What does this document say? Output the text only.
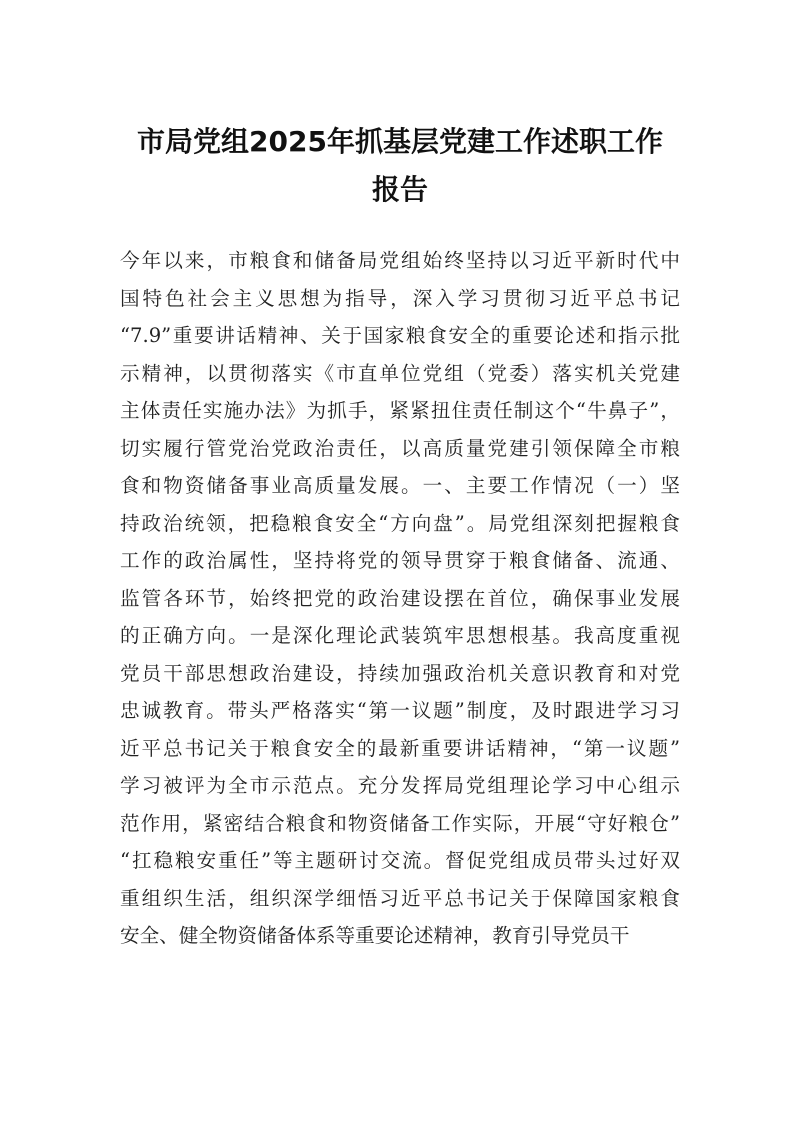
市局党组2025年抓基层党建工作述职工作
报告
今年以来，市粮食和储备局党组始终坚持以习近平新时代中
国特色社会主义思想为指导，深入学习贯彻习近平总书记
“7.9”重要讲话精神、关于国家粮食安全的重要论述和指示批
示精神，以贯彻落实《市直单位党组（党委）落实机关党建
主体责任实施办法》为抓手，紧紧扭住责任制这个“牛鼻子”，
切实履行管党治党政治责任，以高质量党建引领保障全市粮
食和物资储备事业高质量发展。一、主要工作情况（一）坚
持政治统领，把稳粮食安全“方向盘”。局党组深刻把握粮食
工作的政治属性，坚持将党的领导贯穿于粮食储备、流通、
监管各环节，始终把党的政治建设摆在首位，确保事业发展
的正确方向。一是深化理论武装筑牢思想根基。我高度重视
党员干部思想政治建设，持续加强政治机关意识教育和对党
忠诚教育。带头严格落实“第一议题”制度，及时跟进学习习
近平总书记关于粮食安全的最新重要讲话精神，“第一议题”
学习被评为全市示范点。充分发挥局党组理论学习中心组示
范作用，紧密结合粮食和物资储备工作实际，开展“守好粮仓”
“扛稳粮安重任”等主题研讨交流。督促党组成员带头过好双
重组织生活，组织深学细悟习近平总书记关于保障国家粮食
安全、健全物资储备体系等重要论述精神，教育引导党员干
